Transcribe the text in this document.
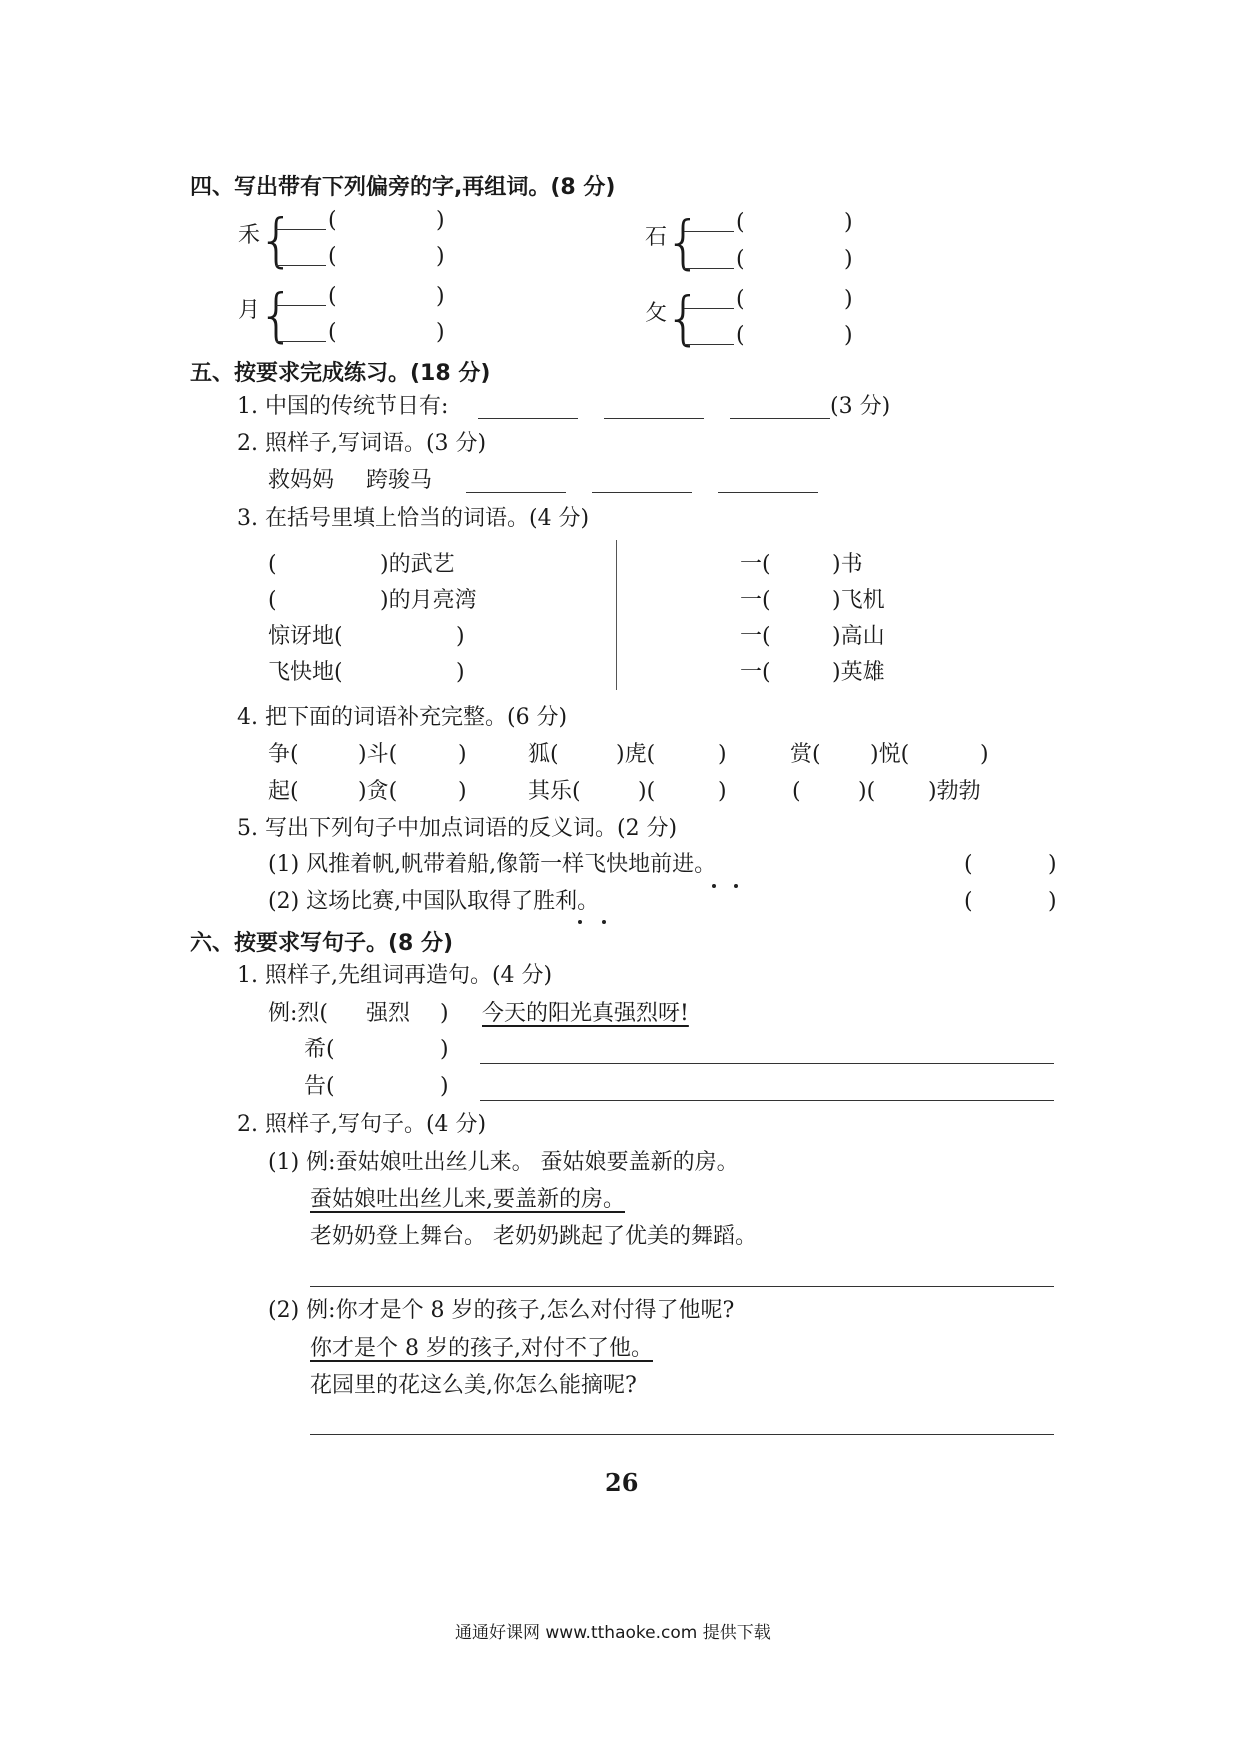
四、写出带有下列偏旁的字,再组词。(8 分)
禾
{ (	)
(	)
石
{ (	)
(	)
月
{ (	)
(	)
攵
{ (	)
(	)
五、按要求完成练习。(18 分)
1. 中国的传统节日有:	(3 分)
2. 照样子,写词语。(3 分)
救妈妈 跨骏马
3. 在括号里填上恰当的词语。(4 分)
(	)的武艺
(	)的月亮湾
惊讶地(	)
飞快地(	)
一(	)书
一(	)飞机
一(	)高山
一(	)英雄
4. 把下面的词语补充完整。(6 分)
争(	)斗(	)	狐(	)虎(	)	赏( )悦(	)
起(	)贪(	)	其乐(	)(	)	(	)( )勃勃
5. 写出下列句子中加点词语的反义词。(2 分)
(1) 风推着帆,帆带着船,像箭一样飞快地前进。	(	)
(2) 这场比赛,中国队取得了胜利。	(	)
六、按要求写句子。(8 分)
1. 照样子,先组词再造句。(4 分)
例:烈( 强烈 ) 今天的阳光真强烈呀!
希(	)
告(	)
2. 照样子,写句子。(4 分)
(1) 例:蚕姑娘吐出丝儿来。 蚕姑娘要盖新的房。
蚕姑娘吐出丝儿来,要盖新的房。
老奶奶登上舞台。 老奶奶跳起了优美的舞蹈。
(2) 例:你才是个 8 岁的孩子,怎么对付得了他呢?
你才是个 8 岁的孩子,对付不了他。
花园里的花这么美,你怎么能摘呢?
26
通通好课网 www.tthaoke.com 提供下载
